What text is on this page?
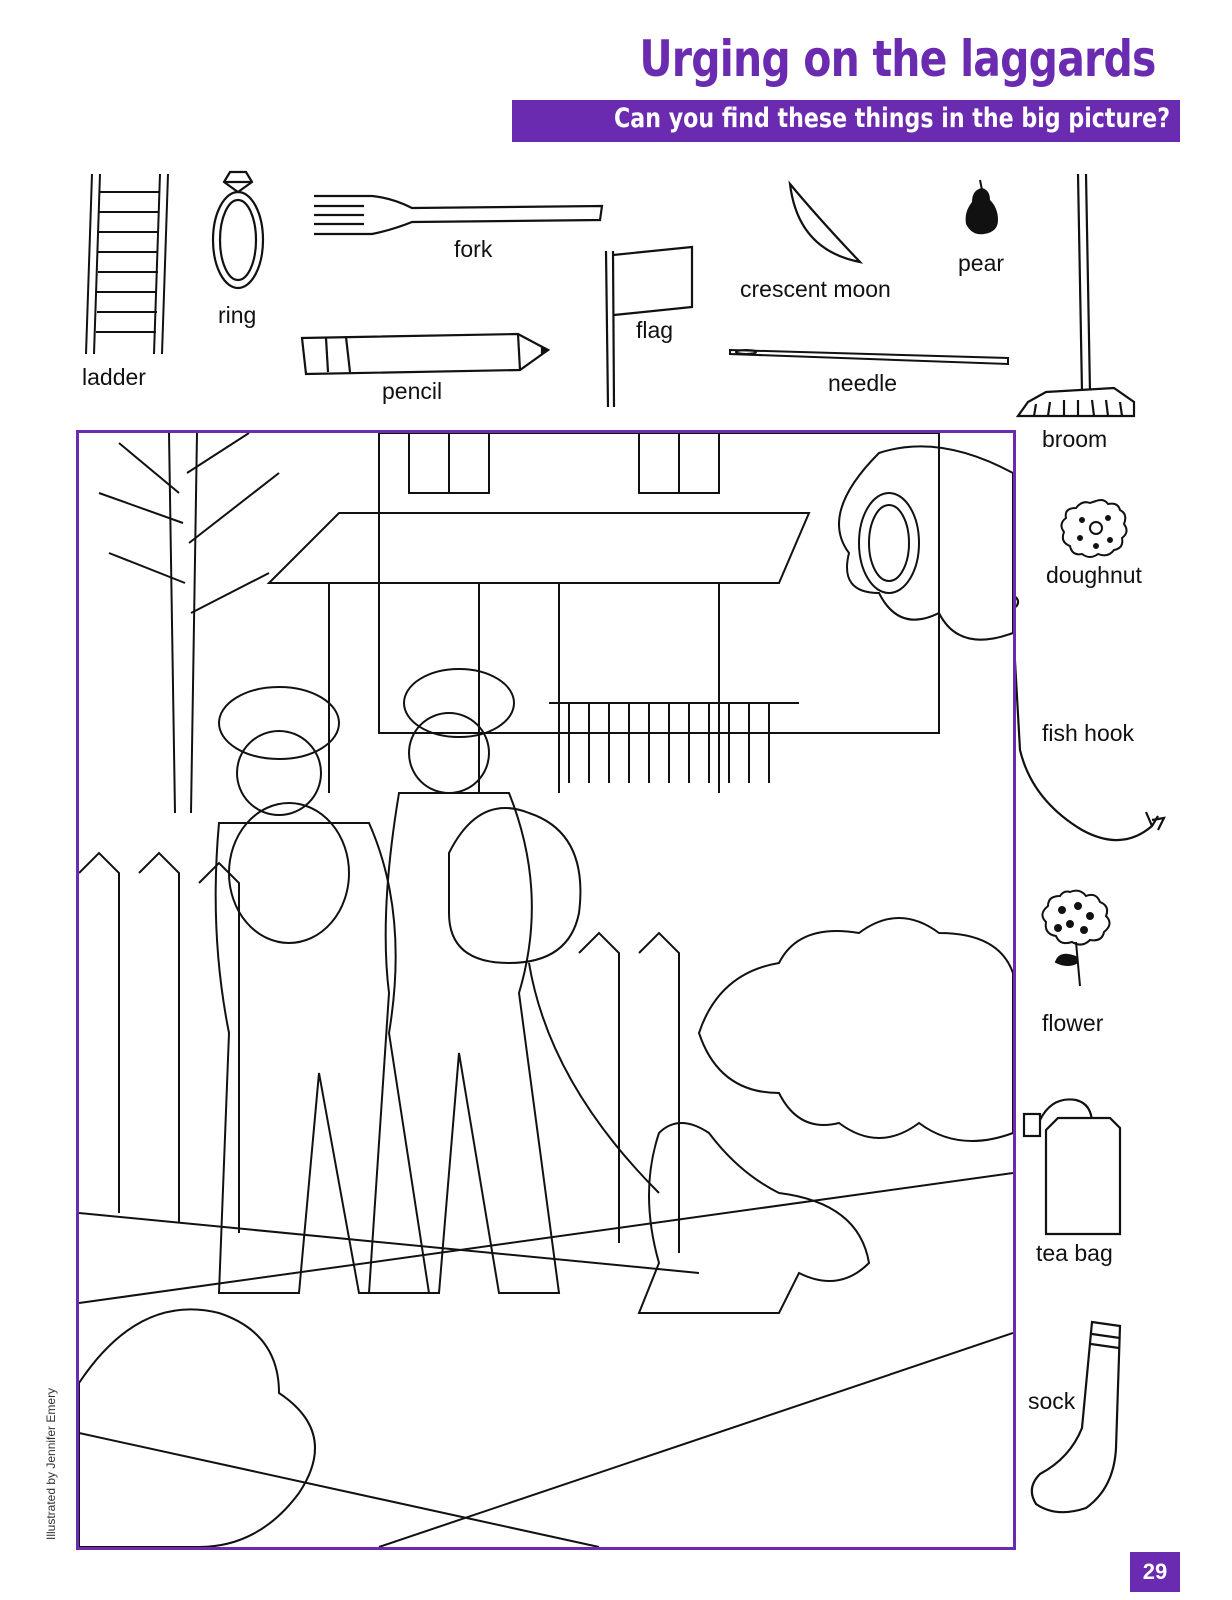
Urging on the laggards
Can you find these things in the big picture?
ladder
ring
fork
pencil
flag
crescent moon
needle
pear
broom
doughnut
fish hook
flower
tea bag
sock
Illustrated by Jennifer Emery
29
